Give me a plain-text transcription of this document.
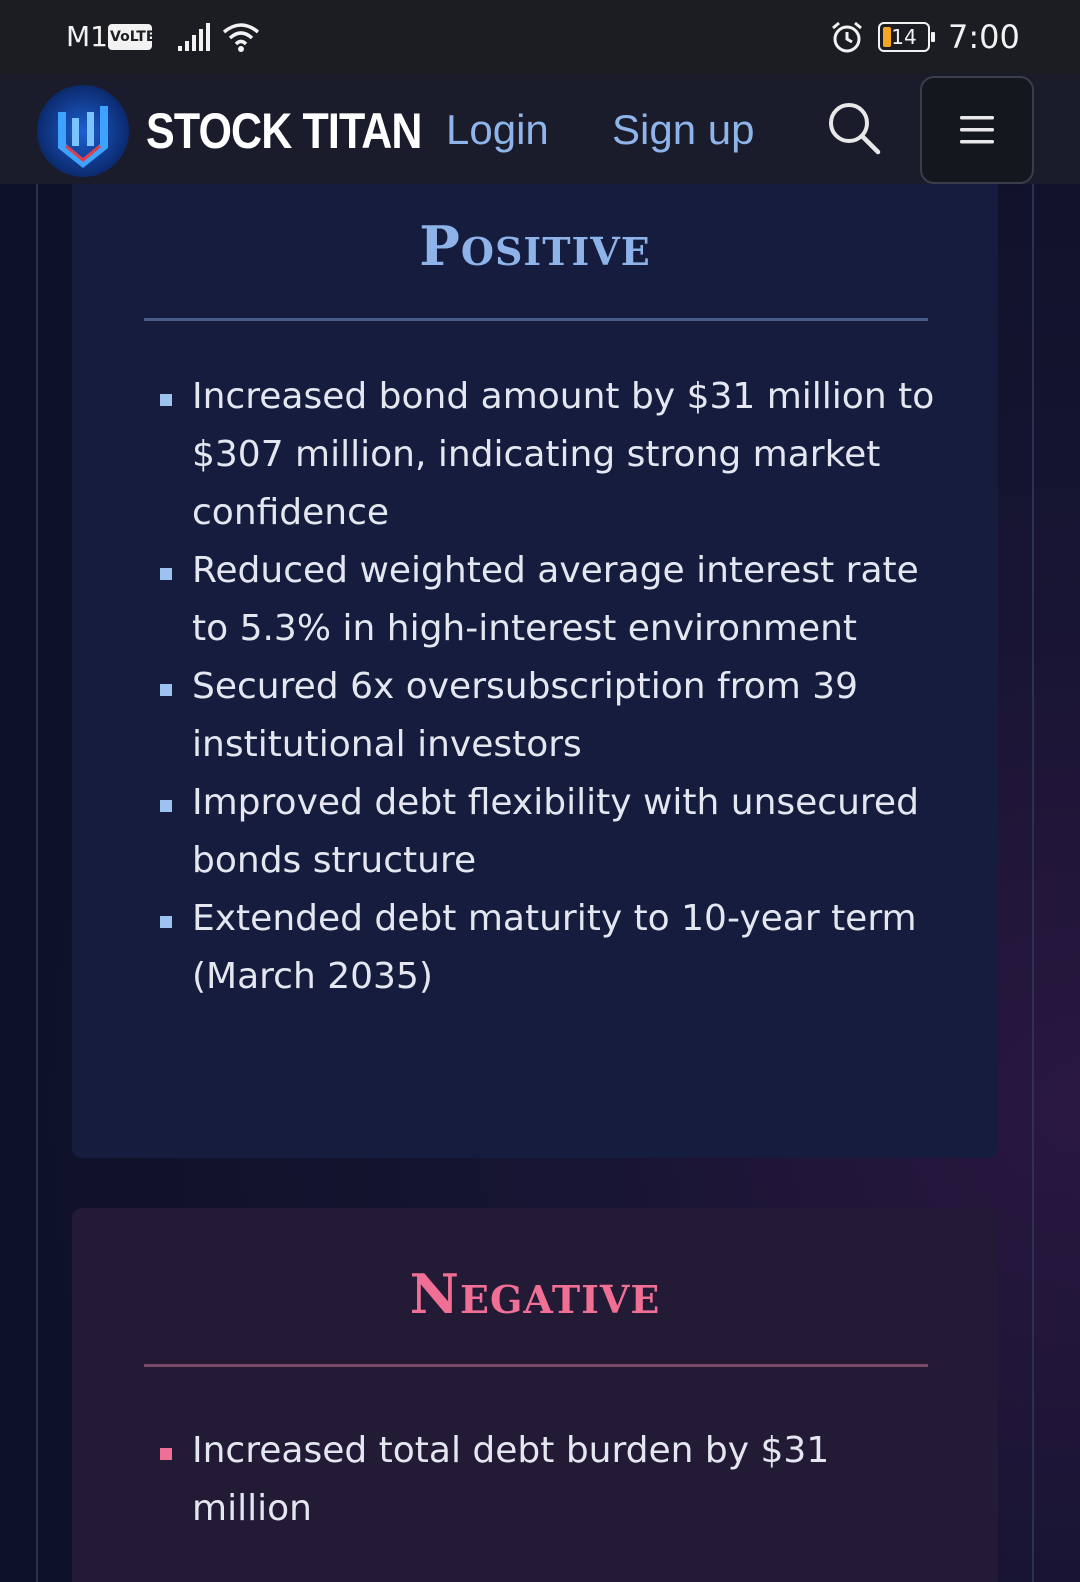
M1 VoLTE	14 7:00
STOCK TITAN Login Sign up
Positive
Increased bond amount by $31 million to $307 million, indicating strong market confidence
Reduced weighted average interest rate to 5.3% in high-interest environment
Secured 6x oversubscription from 39 institutional investors
Improved debt flexibility with unsecured bonds structure
Extended debt maturity to 10-year term (March 2035)
Negative
Increased total debt burden by $31 million
